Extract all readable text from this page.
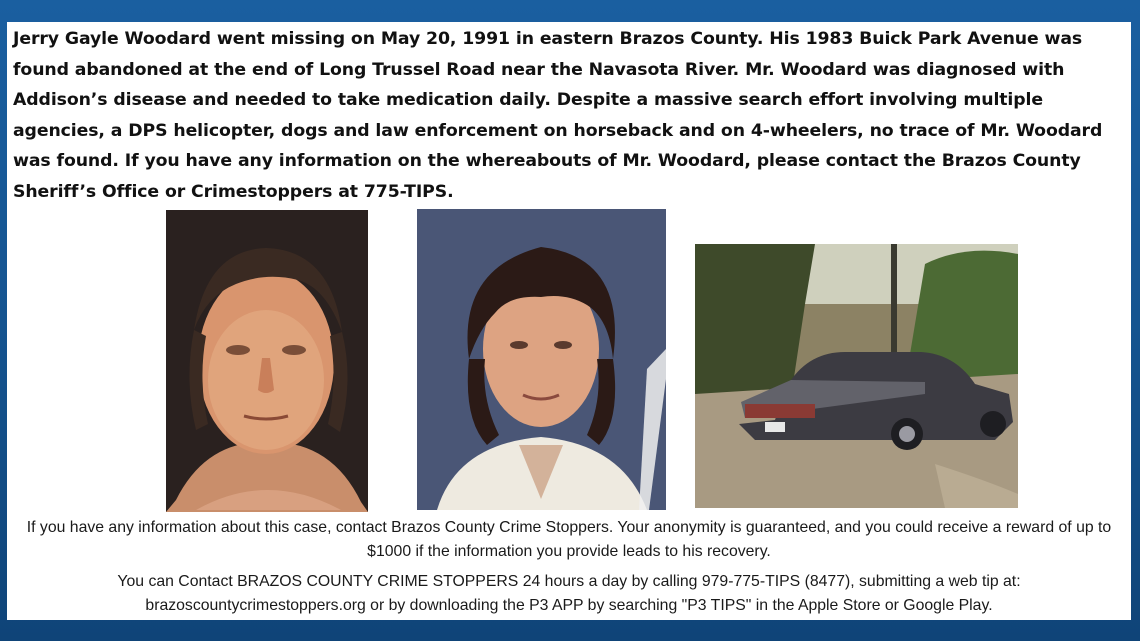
Jerry Gayle Woodard went missing on May 20, 1991 in eastern Brazos County. His 1983 Buick Park Avenue was found abandoned at the end of Long Trussel Road near the Navasota River. Mr. Woodard was diagnosed with Addison’s disease and needed to take medication daily. Despite a massive search effort involving multiple agencies, a DPS helicopter, dogs and law enforcement on horseback and on 4-wheelers, no trace of Mr. Woodard was found. If you have any information on the whereabouts of Mr. Woodard, please contact the Brazos County Sheriff’s Office or Crimestoppers at 775-TIPS.
If you have any information about this case, contact Brazos County Crime Stoppers. Your anonymity is guaranteed, and you could receive a reward of up to $1000 if the information you provide leads to his recovery.
You can Contact BRAZOS COUNTY CRIME STOPPERS 24 hours a day by calling 979-775-TIPS (8477), submitting a web tip at: brazoscountycrimestoppers.org or by downloading the P3 APP by searching "P3 TIPS" in the Apple Store or Google Play.
